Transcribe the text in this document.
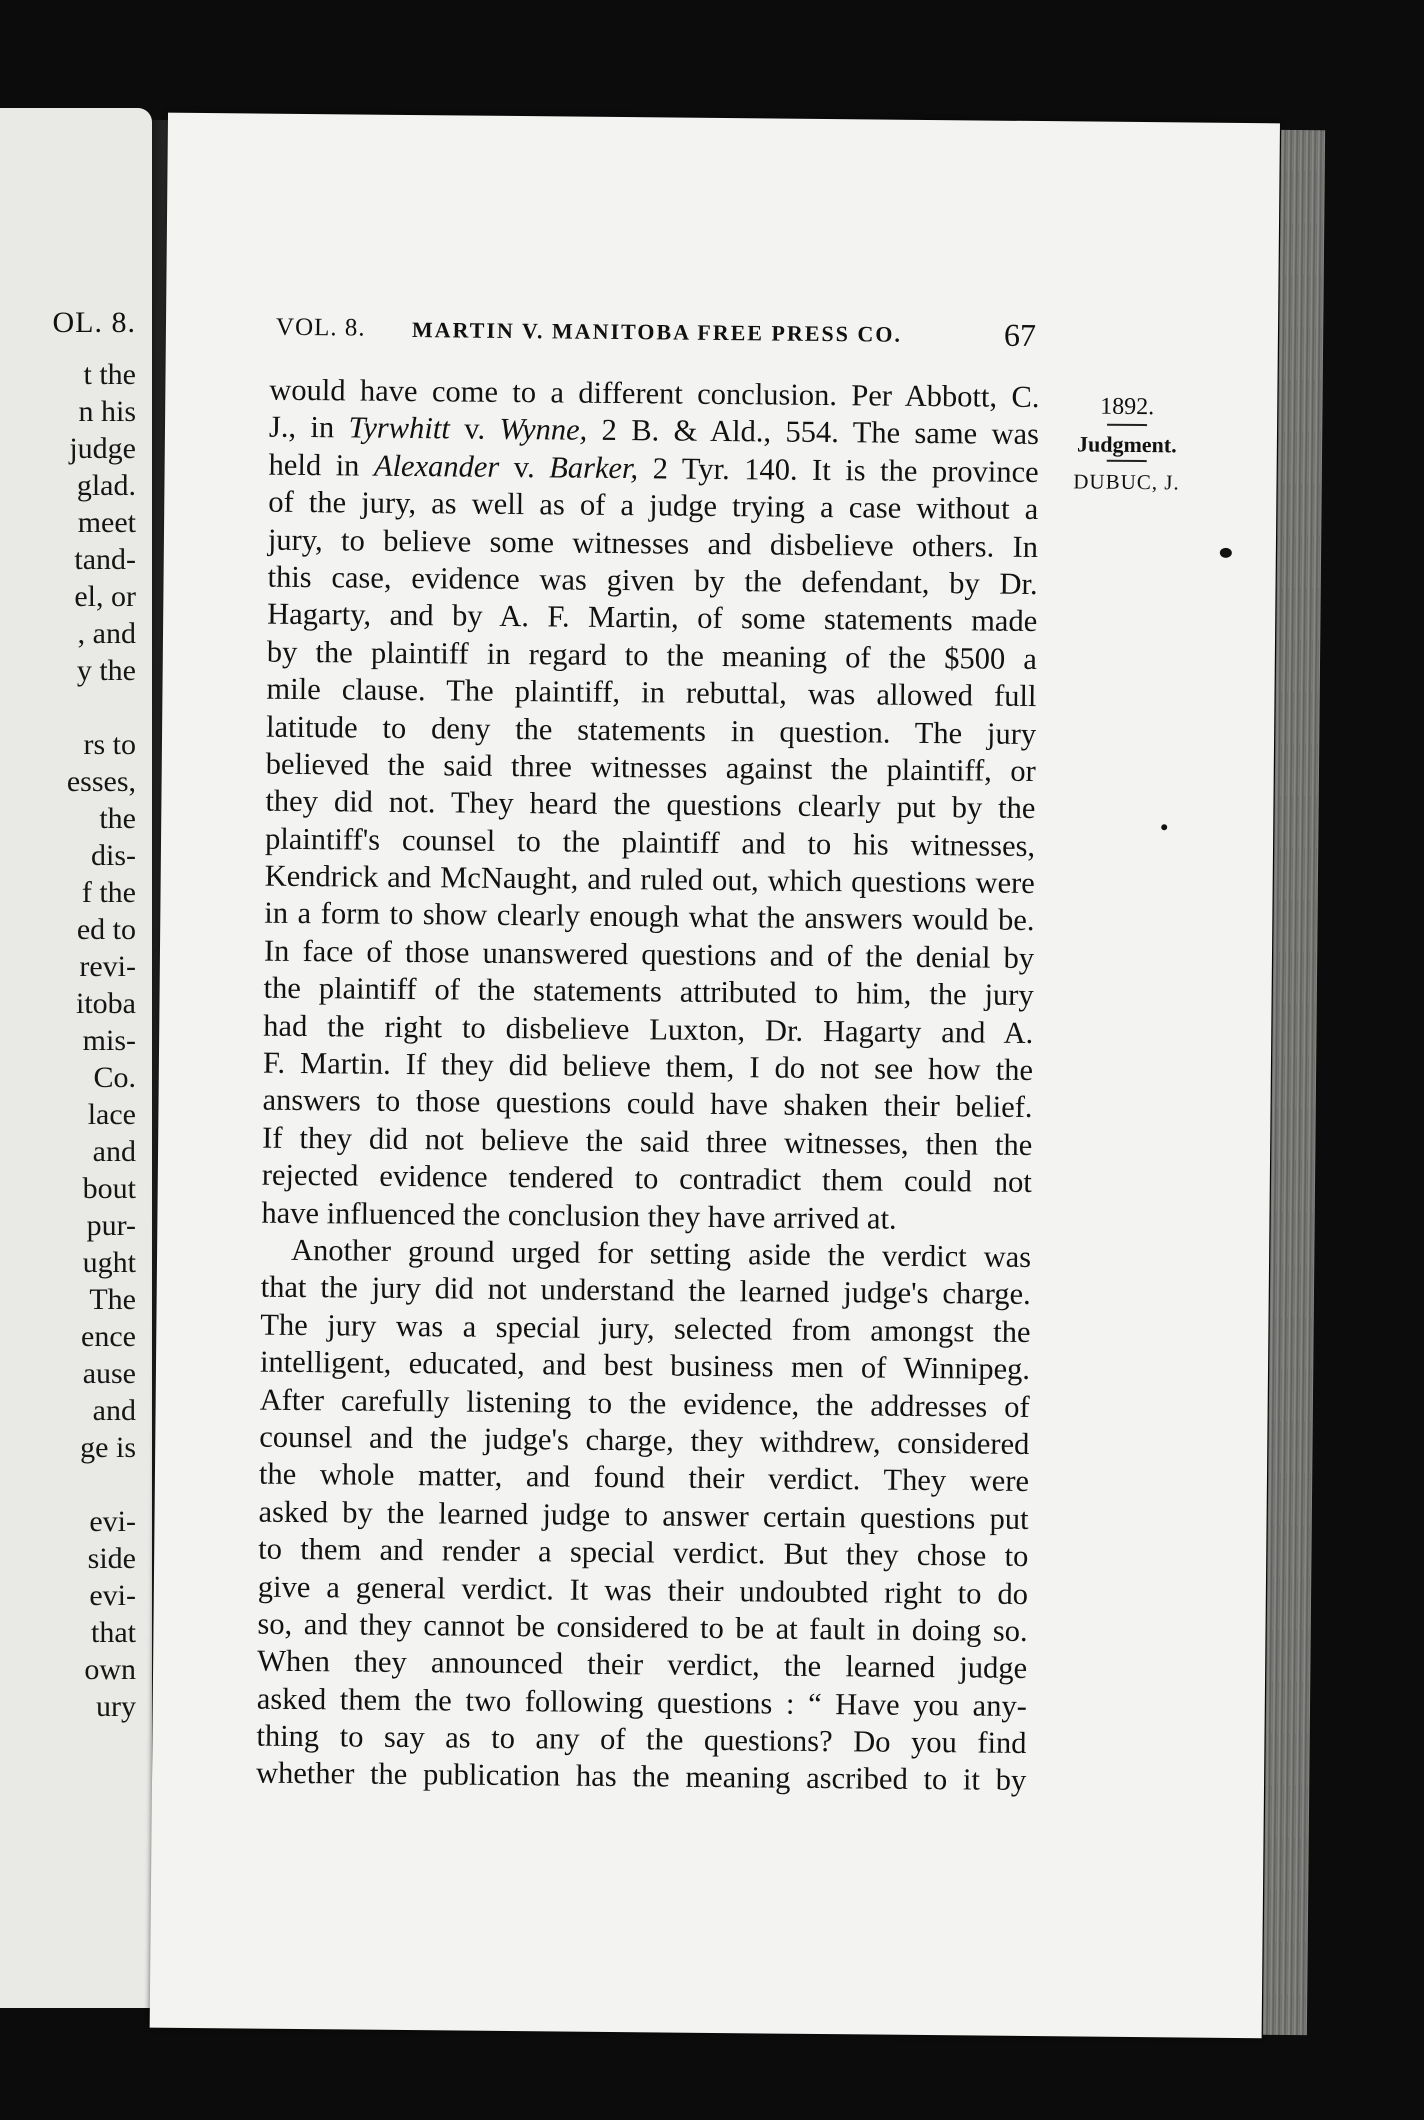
OL. 8.
t the
n his
judge
glad.
meet
tand-
el, or
, and
y the
rs to
esses,
the
dis-
f the
ed to
revi-
itoba
mis-
Co.
lace
and
bout
pur-
ught
The
ence
ause
and
ge is
evi-
side
evi-
that
own
ury
VOL. 8. MARTIN V. MANITOBA FREE PRESS CO.	67
would have come to a different conclusion. Per Abbott, C.
J., in Tyrwhitt v. Wynne, 2 B. & Ald., 554. The same was
held in Alexander v. Barker, 2 Tyr. 140. It is the province
of the jury, as well as of a judge trying a case without a
jury, to believe some witnesses and disbelieve others. In
this case, evidence was given by the defendant, by Dr.
Hagarty, and by A. F. Martin, of some statements made
by the plaintiff in regard to the meaning of the $500 a
mile clause. The plaintiff, in rebuttal, was allowed full
latitude to deny the statements in question. The jury
believed the said three witnesses against the plaintiff, or
they did not. They heard the questions clearly put by the
plaintiff's counsel to the plaintiff and to his witnesses,
Kendrick and McNaught, and ruled out, which questions were
in a form to show clearly enough what the answers would be.
In face of those unanswered questions and of the denial by
the plaintiff of the statements attributed to him, the jury
had the right to disbelieve Luxton, Dr. Hagarty and A.
F. Martin. If they did believe them, I do not see how the
answers to those questions could have shaken their belief.
If they did not believe the said three witnesses, then the
rejected evidence tendered to contradict them could not
have influenced the conclusion they have arrived at.
Another ground urged for setting aside the verdict was
that the jury did not understand the learned judge's charge.
The jury was a special jury, selected from amongst the
intelligent, educated, and best business men of Winnipeg.
After carefully listening to the evidence, the addresses of
counsel and the judge's charge, they withdrew, considered
the whole matter, and found their verdict. They were
asked by the learned judge to answer certain questions put
to them and render a special verdict. But they chose to
give a general verdict. It was their undoubted right to do
so, and they cannot be considered to be at fault in doing so.
When they announced their verdict, the learned judge
asked them the two following questions : “ Have you any-
thing to say as to any of the questions? Do you find
whether the publication has the meaning ascribed to it by
1892.
Judgment.
DUBUC, J.
